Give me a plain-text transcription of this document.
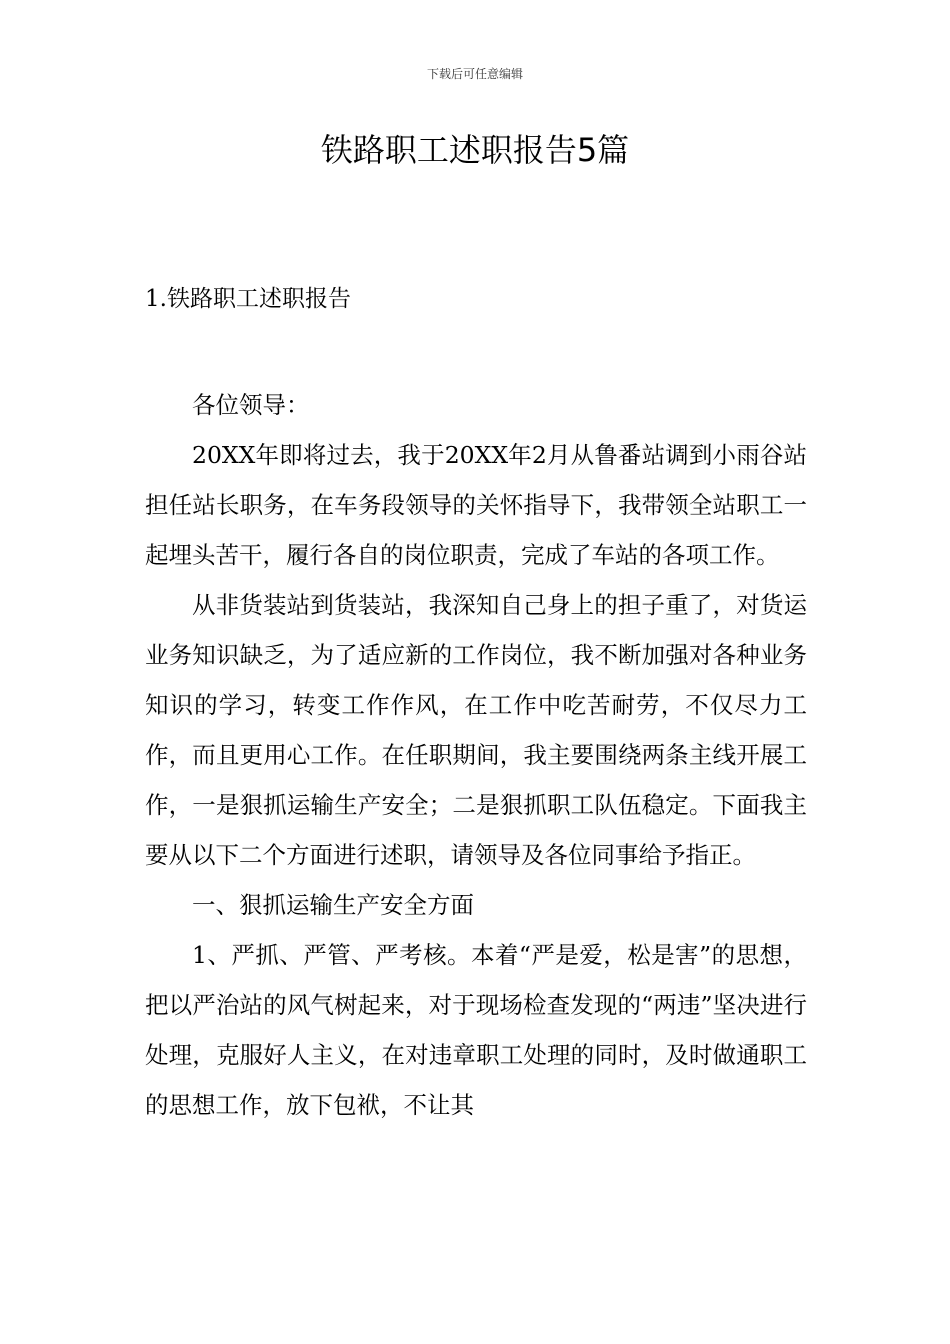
下载后可任意编辑
铁路职工述职报告5篇
1.铁路职工述职报告

各位领导：

20XX年即将过去，我于20XX年2月从鲁番站调到小雨谷站担任站长职务，在车务段领导的关怀指导下，我带领全站职工一起埋头苦干，履行各自的岗位职责，完成了车站的各项工作。

从非货装站到货装站，我深知自己身上的担子重了，对货运业务知识缺乏，为了适应新的工作岗位，我不断加强对各种业务知识的学习，转变工作作风，在工作中吃苦耐劳，不仅尽力工作，而且更用心工作。在任职期间，我主要围绕两条主线开展工作，一是狠抓运输生产安全；二是狠抓职工队伍稳定。下面我主要从以下二个方面进行述职，请领导及各位同事给予指正。

一、狠抓运输生产安全方面

1、严抓、严管、严考核。本着“严是爱，松是害”的思想，把以严治站的风气树起来，对于现场检查发现的“两违”坚决进行处理，克服好人主义，在对违章职工处理的同时，及时做通职工的思想工作，放下包袱，不让其
